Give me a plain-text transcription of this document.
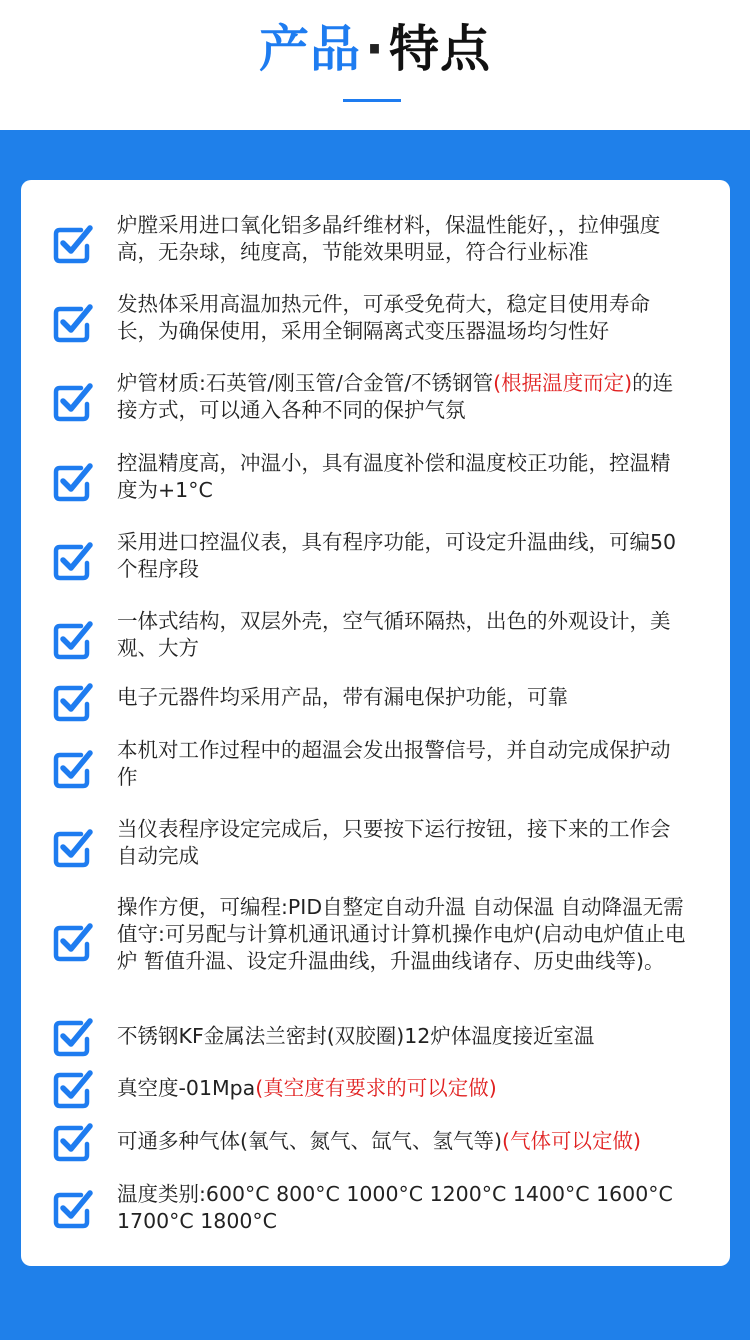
产品·特点
炉膛采用进口氧化铝多晶纤维材料，保温性能好，，拉伸强度高，无杂球，纯度高，节能效果明显，符合行业标准
发热体采用高温加热元件，可承受免荷大，稳定目使用寿命长，为确保使用，采用全铜隔离式变压器温场均匀性好
炉管材质:石英管/刚玉管/合金管/不锈钢管(根据温度而定)的连接方式，可以通入各种不同的保护气氛
控温精度高，冲温小，具有温度补偿和温度校正功能，控温精度为+1°C
采用进口控温仪表，具有程序功能，可设定升温曲线，可编50个程序段
一体式结构，双层外壳，空气循环隔热，出色的外观设计，美观、大方
电子元器件均采用产品，带有漏电保护功能，可靠
本机对工作过程中的超温会发出报警信号，并自动完成保护动作
当仪表程序设定完成后，只要按下运行按钮，接下来的工作会自动完成
操作方便，可编程:PID自整定自动升温 自动保温 自动降温无需值守:可另配与计算机通讯通讨计算机操作电炉(启动电炉值止电炉 暂值升温、设定升温曲线，升温曲线诸存、历史曲线等)。
不锈钢KF金属法兰密封(双胶圈)12炉体温度接近室温
真空度-01Mpa(真空度有要求的可以定做)
可通多种气体(氧气、氮气、氙气、氢气等)(气体可以定做)
温度类别:600°C 800°C 1000°C 1200°C 1400°C 1600°C 1700°C 1800°C
